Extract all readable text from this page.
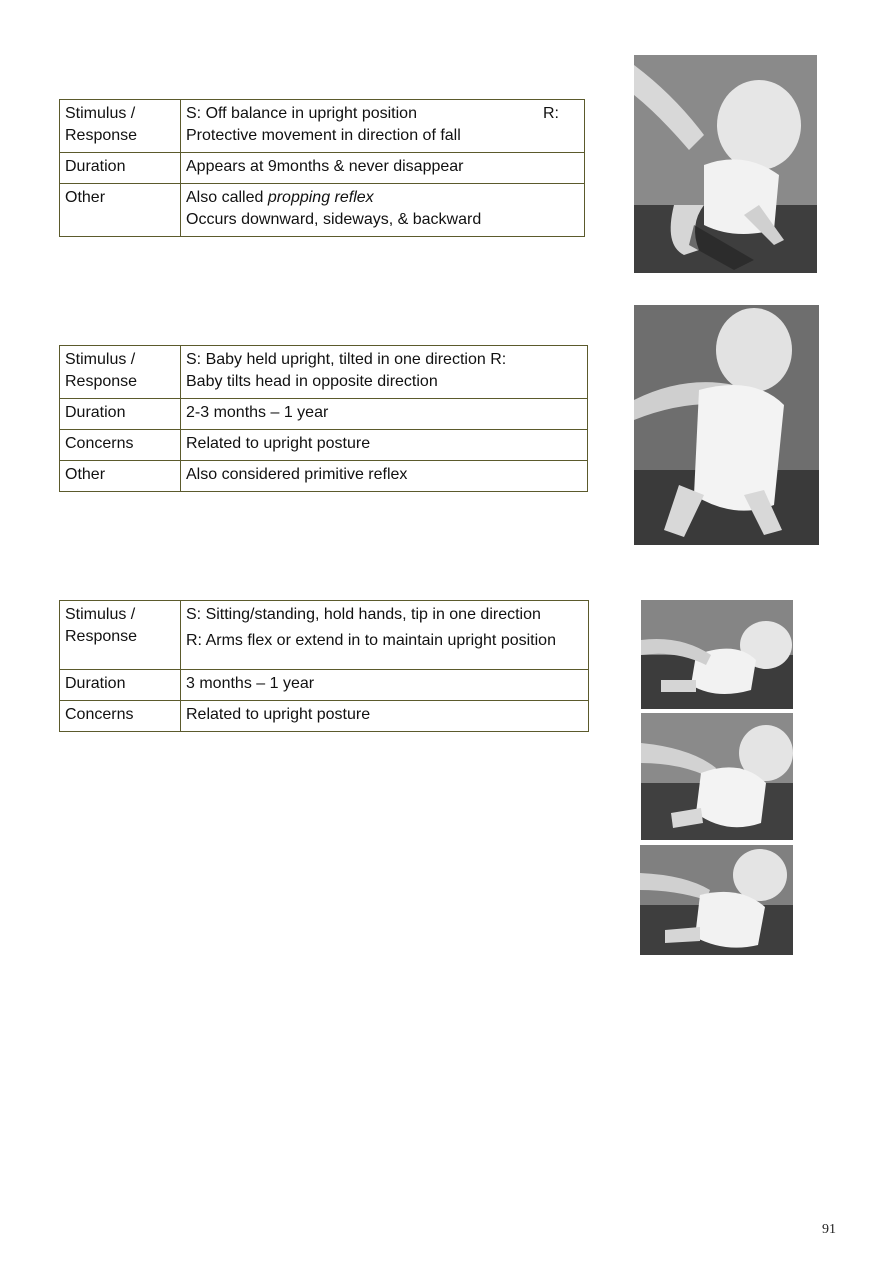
Stimulus / Response	S: Off balance in upright position R:

Protective movement in direction of fall

Duration	Appears at 9months & never disappear

Other	Also called propping reflex

Occurs downward, sideways, & backward

Stimulus / Response	S: Baby held upright, tilted in one direction R:

Baby tilts head in opposite direction

Duration	2-3 months – 1 year

Concerns	Related to upright posture

Other	Also considered primitive reflex

Stimulus / Response	S: Sitting/standing, hold hands, tip in one direction

R: Arms flex or extend in to maintain upright position

Duration	3 months – 1 year

Concerns	Related to upright posture

91
